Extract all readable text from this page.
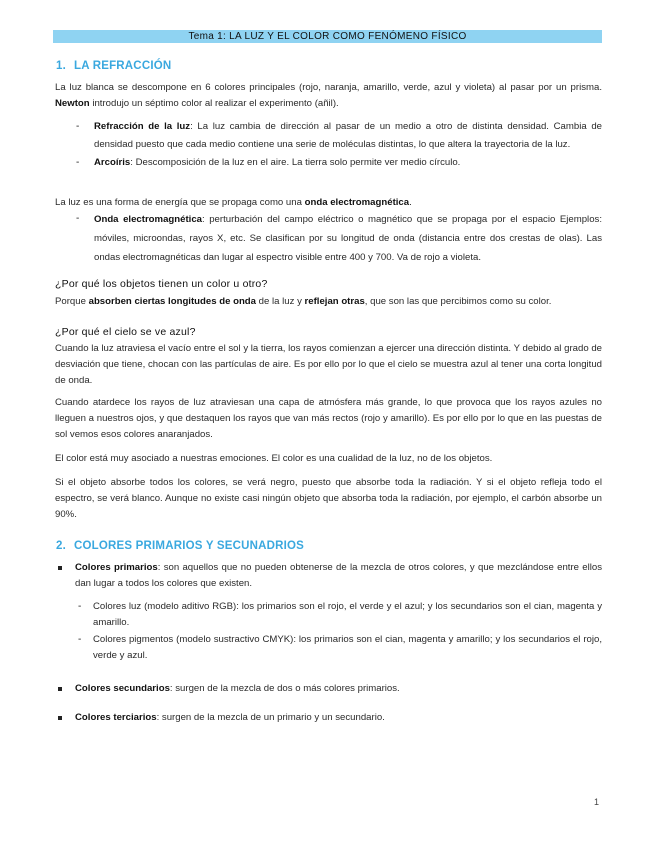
Tema 1: LA LUZ Y EL COLOR COMO FENÓMENO FÍSICO
1. LA REFRACCIÓN
La luz blanca se descompone en 6 colores principales (rojo, naranja, amarillo, verde, azul y violeta) al pasar por un prisma. Newton introdujo un séptimo color al realizar el experimento (añil).
- Refracción de la luz: La luz cambia de dirección al pasar de un medio a otro de distinta densidad. Cambia de densidad puesto que cada medio contiene una serie de moléculas distintas, lo que altera la trayectoria de la luz.
- Arcoíris: Descomposición de la luz en el aire. La tierra solo permite ver medio círculo.
La luz es una forma de energía que se propaga como una onda electromagnética.
- Onda electromagnética: perturbación del campo eléctrico o magnético que se propaga por el espacio Ejemplos: móviles, microondas, rayos X, etc. Se clasifican por su longitud de onda (distancia entre dos crestas de olas). Las ondas electromagnéticas dan lugar al espectro visible entre 400 y 700. Va de rojo a violeta.
¿Por qué los objetos tienen un color u otro?
Porque absorben ciertas longitudes de onda de la luz y reflejan otras, que son las que percibimos como su color.
¿Por qué el cielo se ve azul?
Cuando la luz atraviesa el vacío entre el sol y la tierra, los rayos comienzan a ejercer una dirección distinta. Y debido al grado de desviación que tiene, chocan con las partículas de aire. Es por ello por lo que el cielo se muestra azul al tener una corta longitud de onda.
Cuando atardece los rayos de luz atraviesan una capa de atmósfera más grande, lo que provoca que los rayos azules no lleguen a nuestros ojos, y que destaquen los rayos que van más rectos (rojo y amarillo). Es por ello por lo que en las puestas de sol vemos esos colores anaranjados.
El color está muy asociado a nuestras emociones. El color es una cualidad de la luz, no de los objetos.
Si el objeto absorbe todos los colores, se verá negro, puesto que absorbe toda la radiación. Y si el objeto refleja todo el espectro, se verá blanco. Aunque no existe casi ningún objeto que absorba toda la radiación, por ejemplo, el carbón absorbe un 90%.
2. COLORES PRIMARIOS Y SECUNADRIOS
Colores primarios: son aquellos que no pueden obtenerse de la mezcla de otros colores, y que mezclándose entre ellos dan lugar a todos los colores que existen.
- Colores luz (modelo aditivo RGB): los primarios son el rojo, el verde y el azul; y los secundarios son el cian, magenta y amarillo.
- Colores pigmentos (modelo sustractivo CMYK): los primarios son el cian, magenta y amarillo; y los secundarios el rojo, verde y azul.
Colores secundarios: surgen de la mezcla de dos o más colores primarios.
Colores terciarios: surgen de la mezcla de un primario y un secundario.
1
